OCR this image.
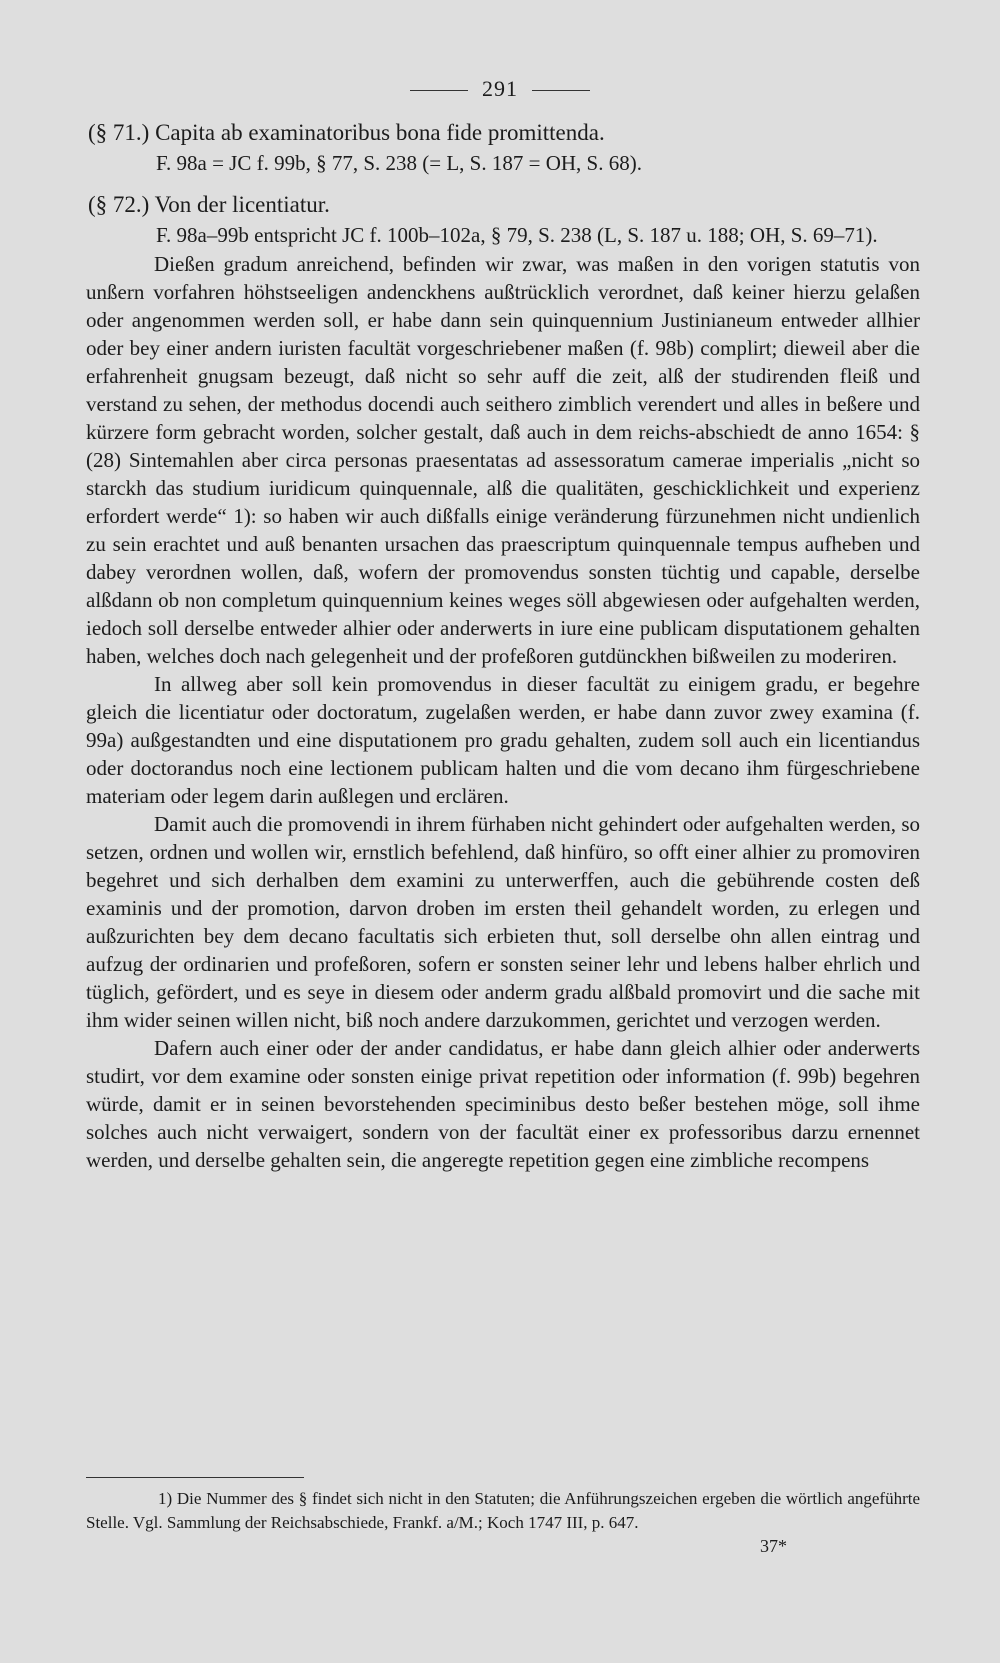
291
(§ 71.) Capita ab examinatoribus bona fide promittenda.
F. 98a = JC f. 99b, § 77, S. 238 (= L, S. 187 = OH, S. 68).
(§ 72.) Von der licentiatur.
F. 98a–99b entspricht JC f. 100b–102a, § 79, S. 238 (L, S. 187 u. 188; OH, S. 69–71).

Dießen gradum anreichend, befinden wir zwar, was maßen in den vorigen statutis von unßern vorfahren höhstseeligen andenckhens außtrücklich verordnet, daß keiner hierzu gelaßen oder angenommen werden soll, er habe dann sein quinquennium Justinianeum entweder allhier oder bey einer andern iuristen facultät vorgeschriebener maßen (f. 98b) complirt; dieweil aber die erfahrenheit gnugsam bezeugt, daß nicht so sehr auff die zeit, alß der studirenden fleiß und verstand zu sehen, der methodus docendi auch seithero zimblich verendert und alles in beßere und kürzere form gebracht worden, solcher gestalt, daß auch in dem reichs-abschiedt de anno 1654: § (28) Sintemahlen aber circa personas praesentatas ad assessoratum camerae imperialis „nicht so starckh das studium iuridicum quinquennale, alß die qualitäten, geschicklichkeit und experienz erfordert werde“ 1): so haben wir auch dißfalls einige veränderung fürzunehmen nicht undienlich zu sein erachtet und auß benanten ursachen das praescriptum quinquennale tempus aufheben und dabey verordnen wollen, daß, wofern der promovendus sonsten tüchtig und capable, derselbe alßdann ob non completum quinquennium keines weges söll abgewiesen oder aufgehalten werden, iedoch soll derselbe entweder alhier oder anderwerts in iure eine publicam disputationem gehalten haben, welches doch nach gelegenheit und der profeßoren gutdünckhen bißweilen zu moderiren.

In allweg aber soll kein promovendus in dieser facultät zu einigem gradu, er begehre gleich die licentiatur oder doctoratum, zugelaßen werden, er habe dann zuvor zwey examina (f. 99a) außgestandten und eine disputationem pro gradu gehalten, zudem soll auch ein licentiandus oder doctorandus noch eine lectionem publicam halten und die vom decano ihm fürgeschriebene materiam oder legem darin außlegen und erclären.

Damit auch die promovendi in ihrem fürhaben nicht gehindert oder aufgehalten werden, so setzen, ordnen und wollen wir, ernstlich befehlend, daß hinfüro, so offt einer alhier zu promoviren begehret und sich derhalben dem examini zu unterwerffen, auch die gebührende costen deß examinis und der promotion, darvon droben im ersten theil gehandelt worden, zu erlegen und außzurichten bey dem decano facultatis sich erbieten thut, soll derselbe ohn allen eintrag und aufzug der ordinarien und profeßoren, sofern er sonsten seiner lehr und lebens halber ehrlich und tüglich, gefördert, und es seye in diesem oder anderm gradu alßbald promovirt und die sache mit ihm wider seinen willen nicht, biß noch andere darzukommen, gerichtet und verzogen werden.

Dafern auch einer oder der ander candidatus, er habe dann gleich alhier oder anderwerts studirt, vor dem examine oder sonsten einige privat repetition oder information (f. 99b) begehren würde, damit er in seinen bevorstehenden speciminibus desto beßer bestehen möge, soll ihme solches auch nicht verwaigert, sondern von der facultät einer ex professoribus darzu ernennet werden, und derselbe gehalten sein, die angeregte repetition gegen eine zimbliche recompens

1) Die Nummer des § findet sich nicht in den Statuten; die Anführungszeichen ergeben die wörtlich angeführte Stelle. Vgl. Sammlung der Reichsabschiede, Frankf. a/M.; Koch 1747 III, p. 647.

37*
